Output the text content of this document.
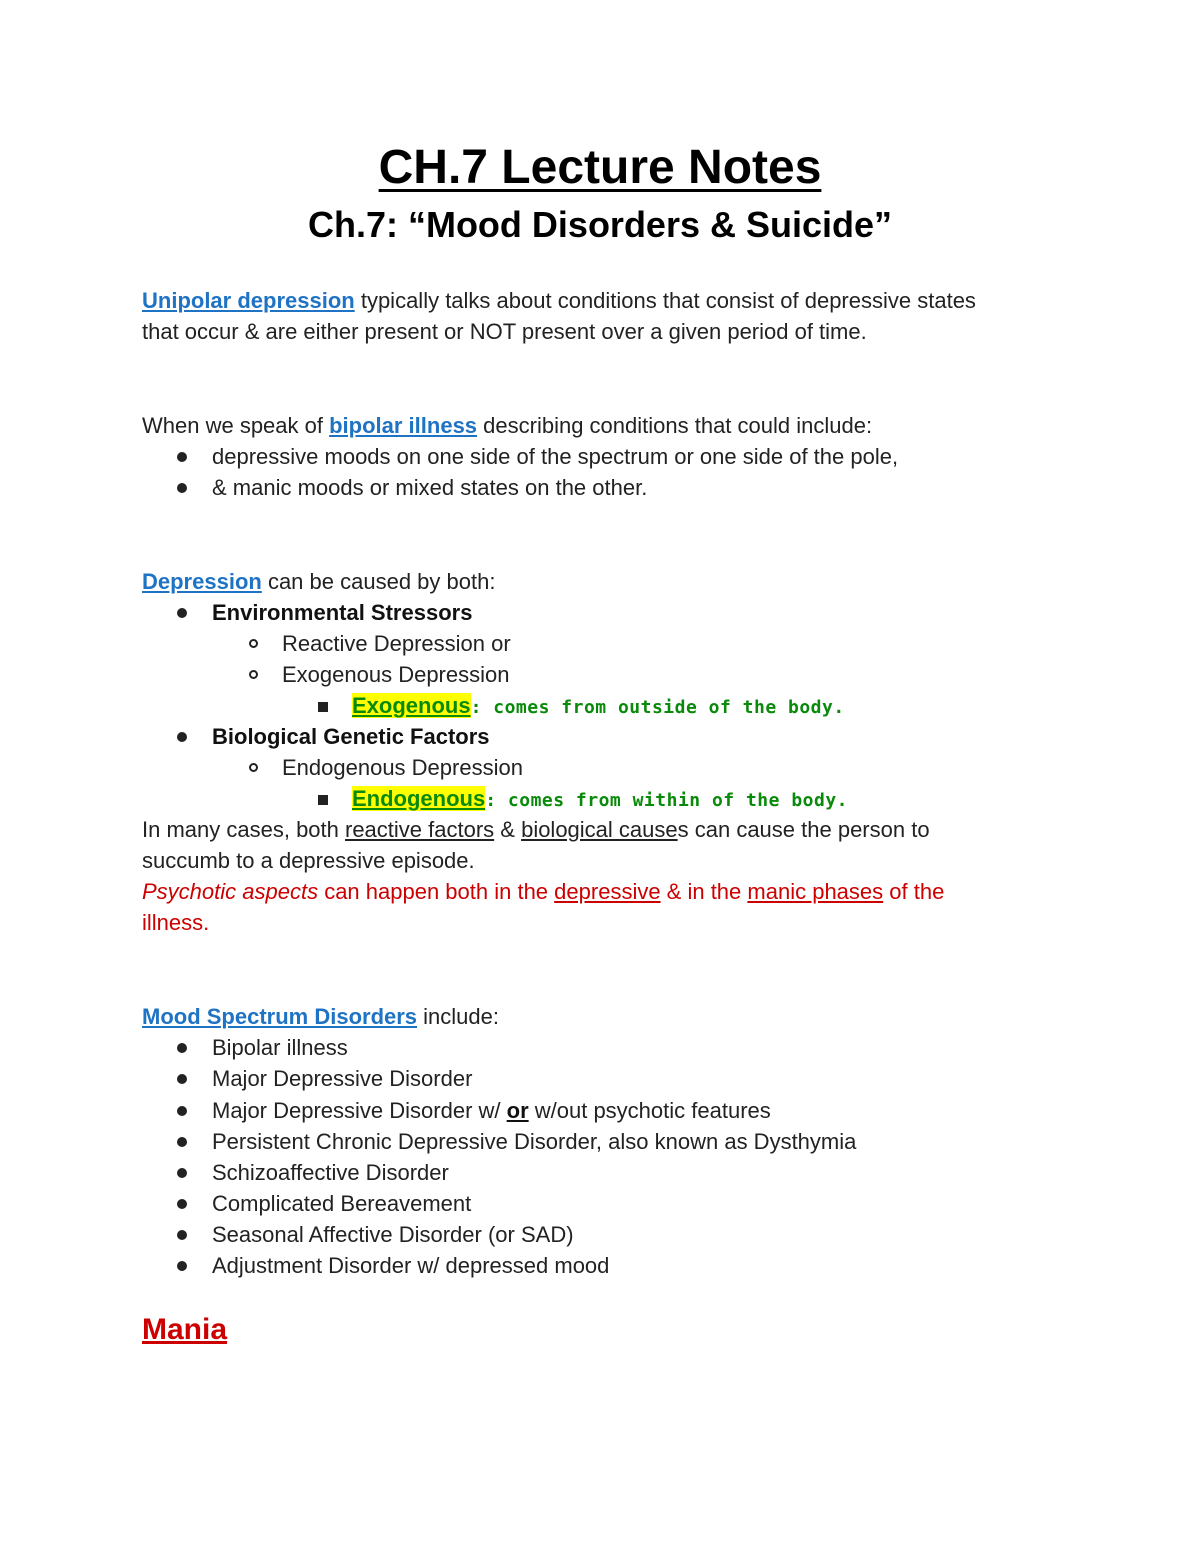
CH.7 Lecture Notes
Ch.7: “Mood Disorders & Suicide”
Unipolar depression typically talks about conditions that consist of depressive states
that occur & are either present or NOT present over a given period of time.
When we speak of bipolar illness describing conditions that could include:
depressive moods on one side of the spectrum or one side of the pole,
& manic moods or mixed states on the other.
Depression can be caused by both:
Environmental Stressors
Reactive Depression or
Exogenous Depression
Exogenous: comes from outside of the body.
Biological Genetic Factors
Endogenous Depression
Endogenous: comes from within of the body.
In many cases, both reactive factors & biological causes can cause the person to
succumb to a depressive episode.
Psychotic aspects can happen both in the depressive & in the manic phases of the
illness.
Mood Spectrum Disorders include:
Bipolar illness
Major Depressive Disorder
Major Depressive Disorder w/ or w/out psychotic features
Persistent Chronic Depressive Disorder, also known as Dysthymia
Schizoaffective Disorder
Complicated Bereavement
Seasonal Affective Disorder (or SAD)
Adjustment Disorder w/ depressed mood
Mania
